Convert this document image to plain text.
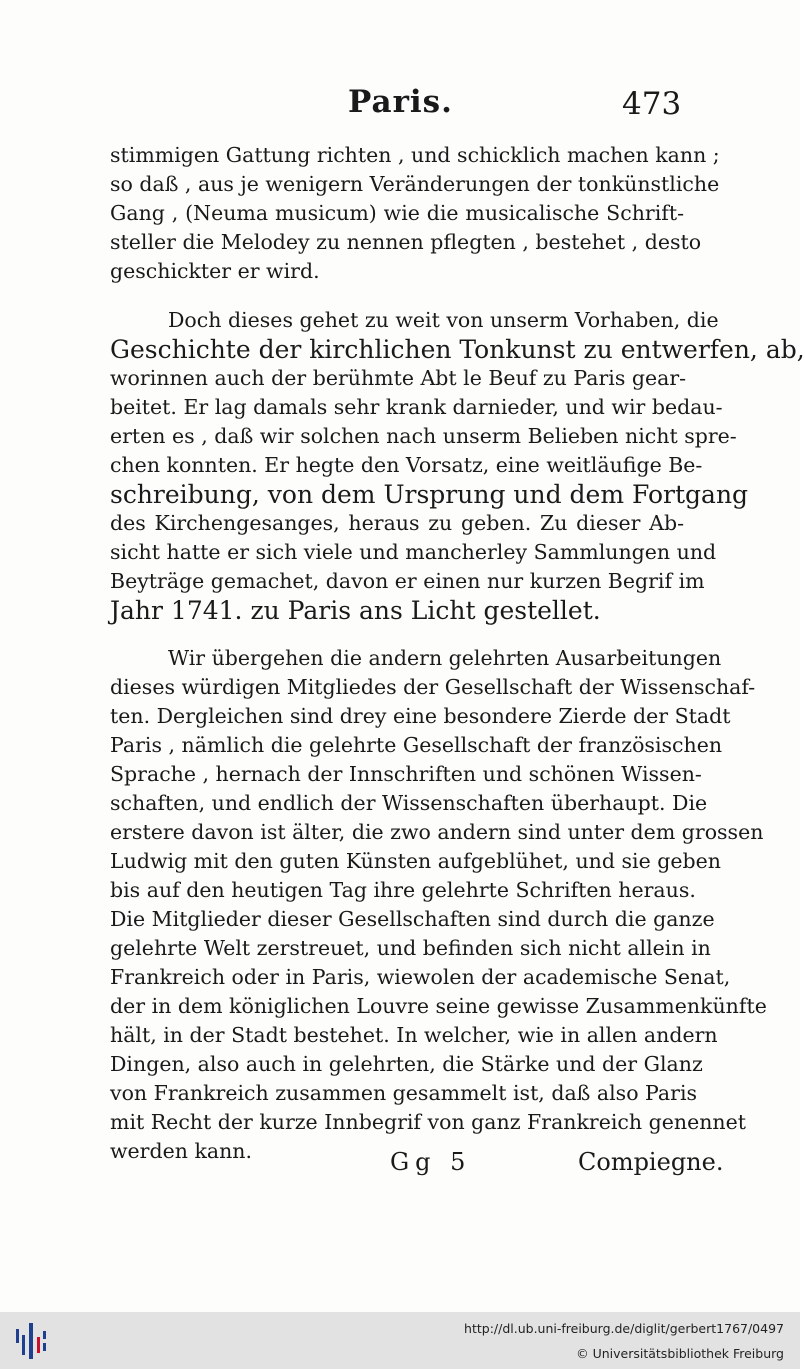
Paris.	473
stimmigen Gattung richten , und schicklich machen kann ;
so daß , aus je wenigern Veränderungen der tonkünstliche
Gang , (Neuma musicum) wie die musicalische Schrift-
steller die Melodey zu nennen pflegten , bestehet , desto
geschickter er wird.
Doch dieses gehet zu weit von unserm Vorhaben, die
Geschichte der kirchlichen Tonkunst zu entwerfen, ab,
worinnen auch der berühmte Abt le Beuf zu Paris gear-
beitet. Er lag damals sehr krank darnieder, und wir bedau-
erten es , daß wir solchen nach unserm Belieben nicht spre-
chen konnten. Er hegte den Vorsatz, eine weitläufige Be-
schreibung, von dem Ursprung und dem Fortgang
des Kirchengesanges, heraus zu geben. Zu dieser Ab-
sicht hatte er sich viele und mancherley Sammlungen und
Beyträge gemachet, davon er einen nur kurzen Begrif im
Jahr 1741. zu Paris ans Licht gestellet.
Wir übergehen die andern gelehrten Ausarbeitungen
dieses würdigen Mitgliedes der Gesellschaft der Wissenschaf-
ten. Dergleichen sind drey eine besondere Zierde der Stadt
Paris , nämlich die gelehrte Gesellschaft der französischen
Sprache , hernach der Innschriften und schönen Wissen-
schaften, und endlich der Wissenschaften überhaupt. Die
erstere davon ist älter, die zwo andern sind unter dem grossen
Ludwig mit den guten Künsten aufgeblühet, und sie geben
bis auf den heutigen Tag ihre gelehrte Schriften heraus.
Die Mitglieder dieser Gesellschaften sind durch die ganze
gelehrte Welt zerstreuet, und befinden sich nicht allein in
Frankreich oder in Paris, wiewolen der academische Senat,
der in dem königlichen Louvre seine gewisse Zusammenkünfte
hält, in der Stadt bestehet. In welcher, wie in allen andern
Dingen, also auch in gelehrten, die Stärke und der Glanz
von Frankreich zusammen gesammelt ist, daß also Paris
mit Recht der kurze Innbegrif von ganz Frankreich genennet
werden kann.	Gg 5	Compiegne.
http://dl.ub.uni-freiburg.de/diglit/gerbert1767/0497
© Universitätsbibliothek Freiburg
